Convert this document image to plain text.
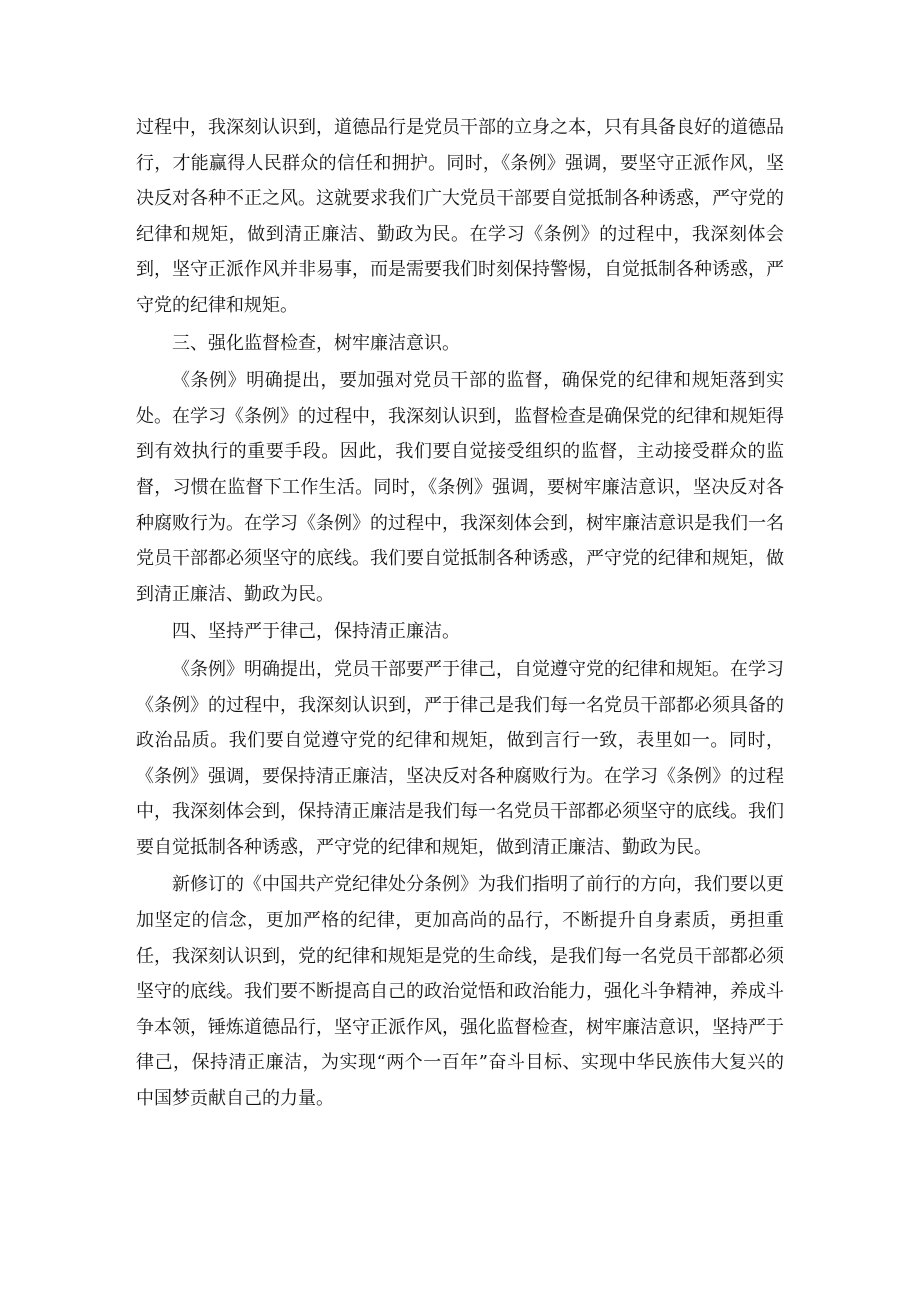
过程中，我深刻认识到，道德品行是党员干部的立身之本，只有具备良好的道德品行，才能赢得人民群众的信任和拥护。同时，《条例》强调，要坚守正派作风，坚决反对各种不正之风。这就要求我们广大党员干部要自觉抵制各种诱惑，严守党的纪律和规矩，做到清正廉洁、勤政为民。在学习《条例》的过程中，我深刻体会到，坚守正派作风并非易事，而是需要我们时刻保持警惕，自觉抵制各种诱惑，严守党的纪律和规矩。

三、强化监督检查，树牢廉洁意识。

《条例》明确提出，要加强对党员干部的监督，确保党的纪律和规矩落到实处。在学习《条例》的过程中，我深刻认识到，监督检查是确保党的纪律和规矩得到有效执行的重要手段。因此，我们要自觉接受组织的监督，主动接受群众的监督，习惯在监督下工作生活。同时，《条例》强调，要树牢廉洁意识，坚决反对各种腐败行为。在学习《条例》的过程中，我深刻体会到，树牢廉洁意识是我们一名党员干部都必须坚守的底线。我们要自觉抵制各种诱惑，严守党的纪律和规矩，做到清正廉洁、勤政为民。

四、坚持严于律己，保持清正廉洁。

《条例》明确提出，党员干部要严于律己，自觉遵守党的纪律和规矩。在学习《条例》的过程中，我深刻认识到，严于律己是我们每一名党员干部都必须具备的政治品质。我们要自觉遵守党的纪律和规矩，做到言行一致，表里如一。同时，《条例》强调，要保持清正廉洁，坚决反对各种腐败行为。在学习《条例》的过程中，我深刻体会到，保持清正廉洁是我们每一名党员干部都必须坚守的底线。我们要自觉抵制各种诱惑，严守党的纪律和规矩，做到清正廉洁、勤政为民。

新修订的《中国共产党纪律处分条例》为我们指明了前行的方向，我们要以更加坚定的信念，更加严格的纪律，更加高尚的品行，不断提升自身素质，勇担重任，我深刻认识到，党的纪律和规矩是党的生命线，是我们每一名党员干部都必须坚守的底线。我们要不断提高自己的政治觉悟和政治能力，强化斗争精神，养成斗争本领，锤炼道德品行，坚守正派作风，强化监督检查，树牢廉洁意识，坚持严于律己，保持清正廉洁，为实现“两个一百年”奋斗目标、实现中华民族伟大复兴的中国梦贡献自己的力量。
